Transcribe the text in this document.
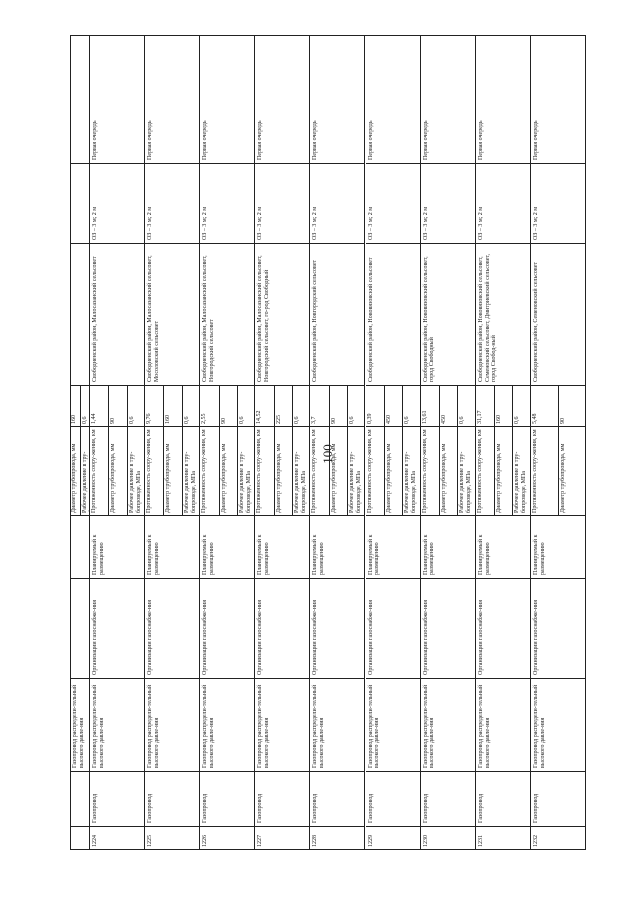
100
Газопровод распредели-тельный высокого давле-ния
Диаметр трубопровода, мм
160
Рабочее давление в тру-
0,6
1224
Газопровод
Газопровод распредели-тельный высокого давле-ния
Организации газоснабже-ния
Планируемый к размещению
Протяженность соору-жения, км
1,44
Диаметр трубопровода, мм
90
Рабочее давление в тру-бопроводе, МПа
0,6
Свободненский район, Малосазанский сельсовет
ОЗ – 3 м; 2 м
Первая очередь
1225
Газопровод
Газопровод распредели-тельный высокого давле-ния
Организации газоснабже-ния
Планируемый к размещению
Протяженность соору-жения, км
9,76
Диаметр трубопровода, мм
160
Рабочее давление в тру-бопроводе, МПа
0,6
Свободненский район, Малосазанский сельсовет, Мосоловский сельсовет
ОЗ – 3 м; 2 м
Первая очередь
1226
Газопровод
Газопровод распредели-тельный высокого давле-ния
Организации газоснабже-ния
Планируемый к размещению
Протяженность соору-жения, км
2,55
Диаметр трубопровода, мм
90
Рабочее давление в тру-бопроводе, МПа
0,6
Свободненский район, Малосазанский сельсовет, Новгородский сельсовет
ОЗ – 3 м; 2 м
Первая очередь
1227
Газопровод
Газопровод распредели-тельный высокого давле-ния
Организации газоснабже-ния
Планируемый к размещению
Протяженность соору-жения, км
14,52
Диаметр трубопровода, мм
225
Рабочее давление в тру-бопроводе, МПа
0,6
Свободненский район, Малосазанский сельсовет, Новгородский сельсовет, го-род Свободный
ОЗ – 3 м; 2 м
Первая очередь
1228
Газопровод
Газопровод распредели-тельный высокого давле-ния
Организации газоснабже-ния
Планируемый к размещению
Протяженность соору-жения, км
3,7
Диаметр трубопровода, мм
90
Рабочее давление в тру-бопроводе, МПа
0,6
Свободненский район, Новгородский сельсовет
ОЗ – 3 м; 2 м
Первая очередь
1229
Газопровод
Газопровод распредели-тельный высокого давле-ния
Организации газоснабже-ния
Планируемый к размещению
Протяженность соору-жения, км
0,39
Диаметр трубопровода, мм
450
Рабочее давление в тру-бопроводе, МПа
0,6
Свободненский район, Нововязовский сельсовет
ОЗ – 3 м; 2 м
Первая очередь
1230
Газопровод
Газопровод распредели-тельный высокого давле-ния
Организации газоснабже-ния
Планируемый к размещению
Протяженность соору-жения, км
13,61
Диаметр трубопровода, мм
450
Рабочее давление в тру-бопроводе, МПа
0,6
Свободненский район, Нововязовский сельсовет, город Свободный
ОЗ – 3 м; 2 м
Первая очередь
1231
Газопровод
Газопровод распредели-тельный высокого давле-ния
Организации газоснабже-ния
Планируемый к размещению
Протяженность соору-жения, км
31,17
Диаметр трубопровода, мм
160
Рабочее давление в тру-бопроводе, МПа
0,6
Свободненский район, Нововязовский сельсовет, Семеновский сельсовет, Дмитриевский сельсовет, город Свобод-ный
ОЗ – 3 м; 2 м
Первая очередь
1232
Газопровод
Газопровод распредели-тельный высокого давле-ния
Организации газоснабже-ния
Планируемый к размещению
Протяженность соору-жения, км
5,48
Диаметр трубопровода, мм
90
Свободненский район, Семеновский сельсовет
ОЗ – 3 м; 2 м
Первая очередь
